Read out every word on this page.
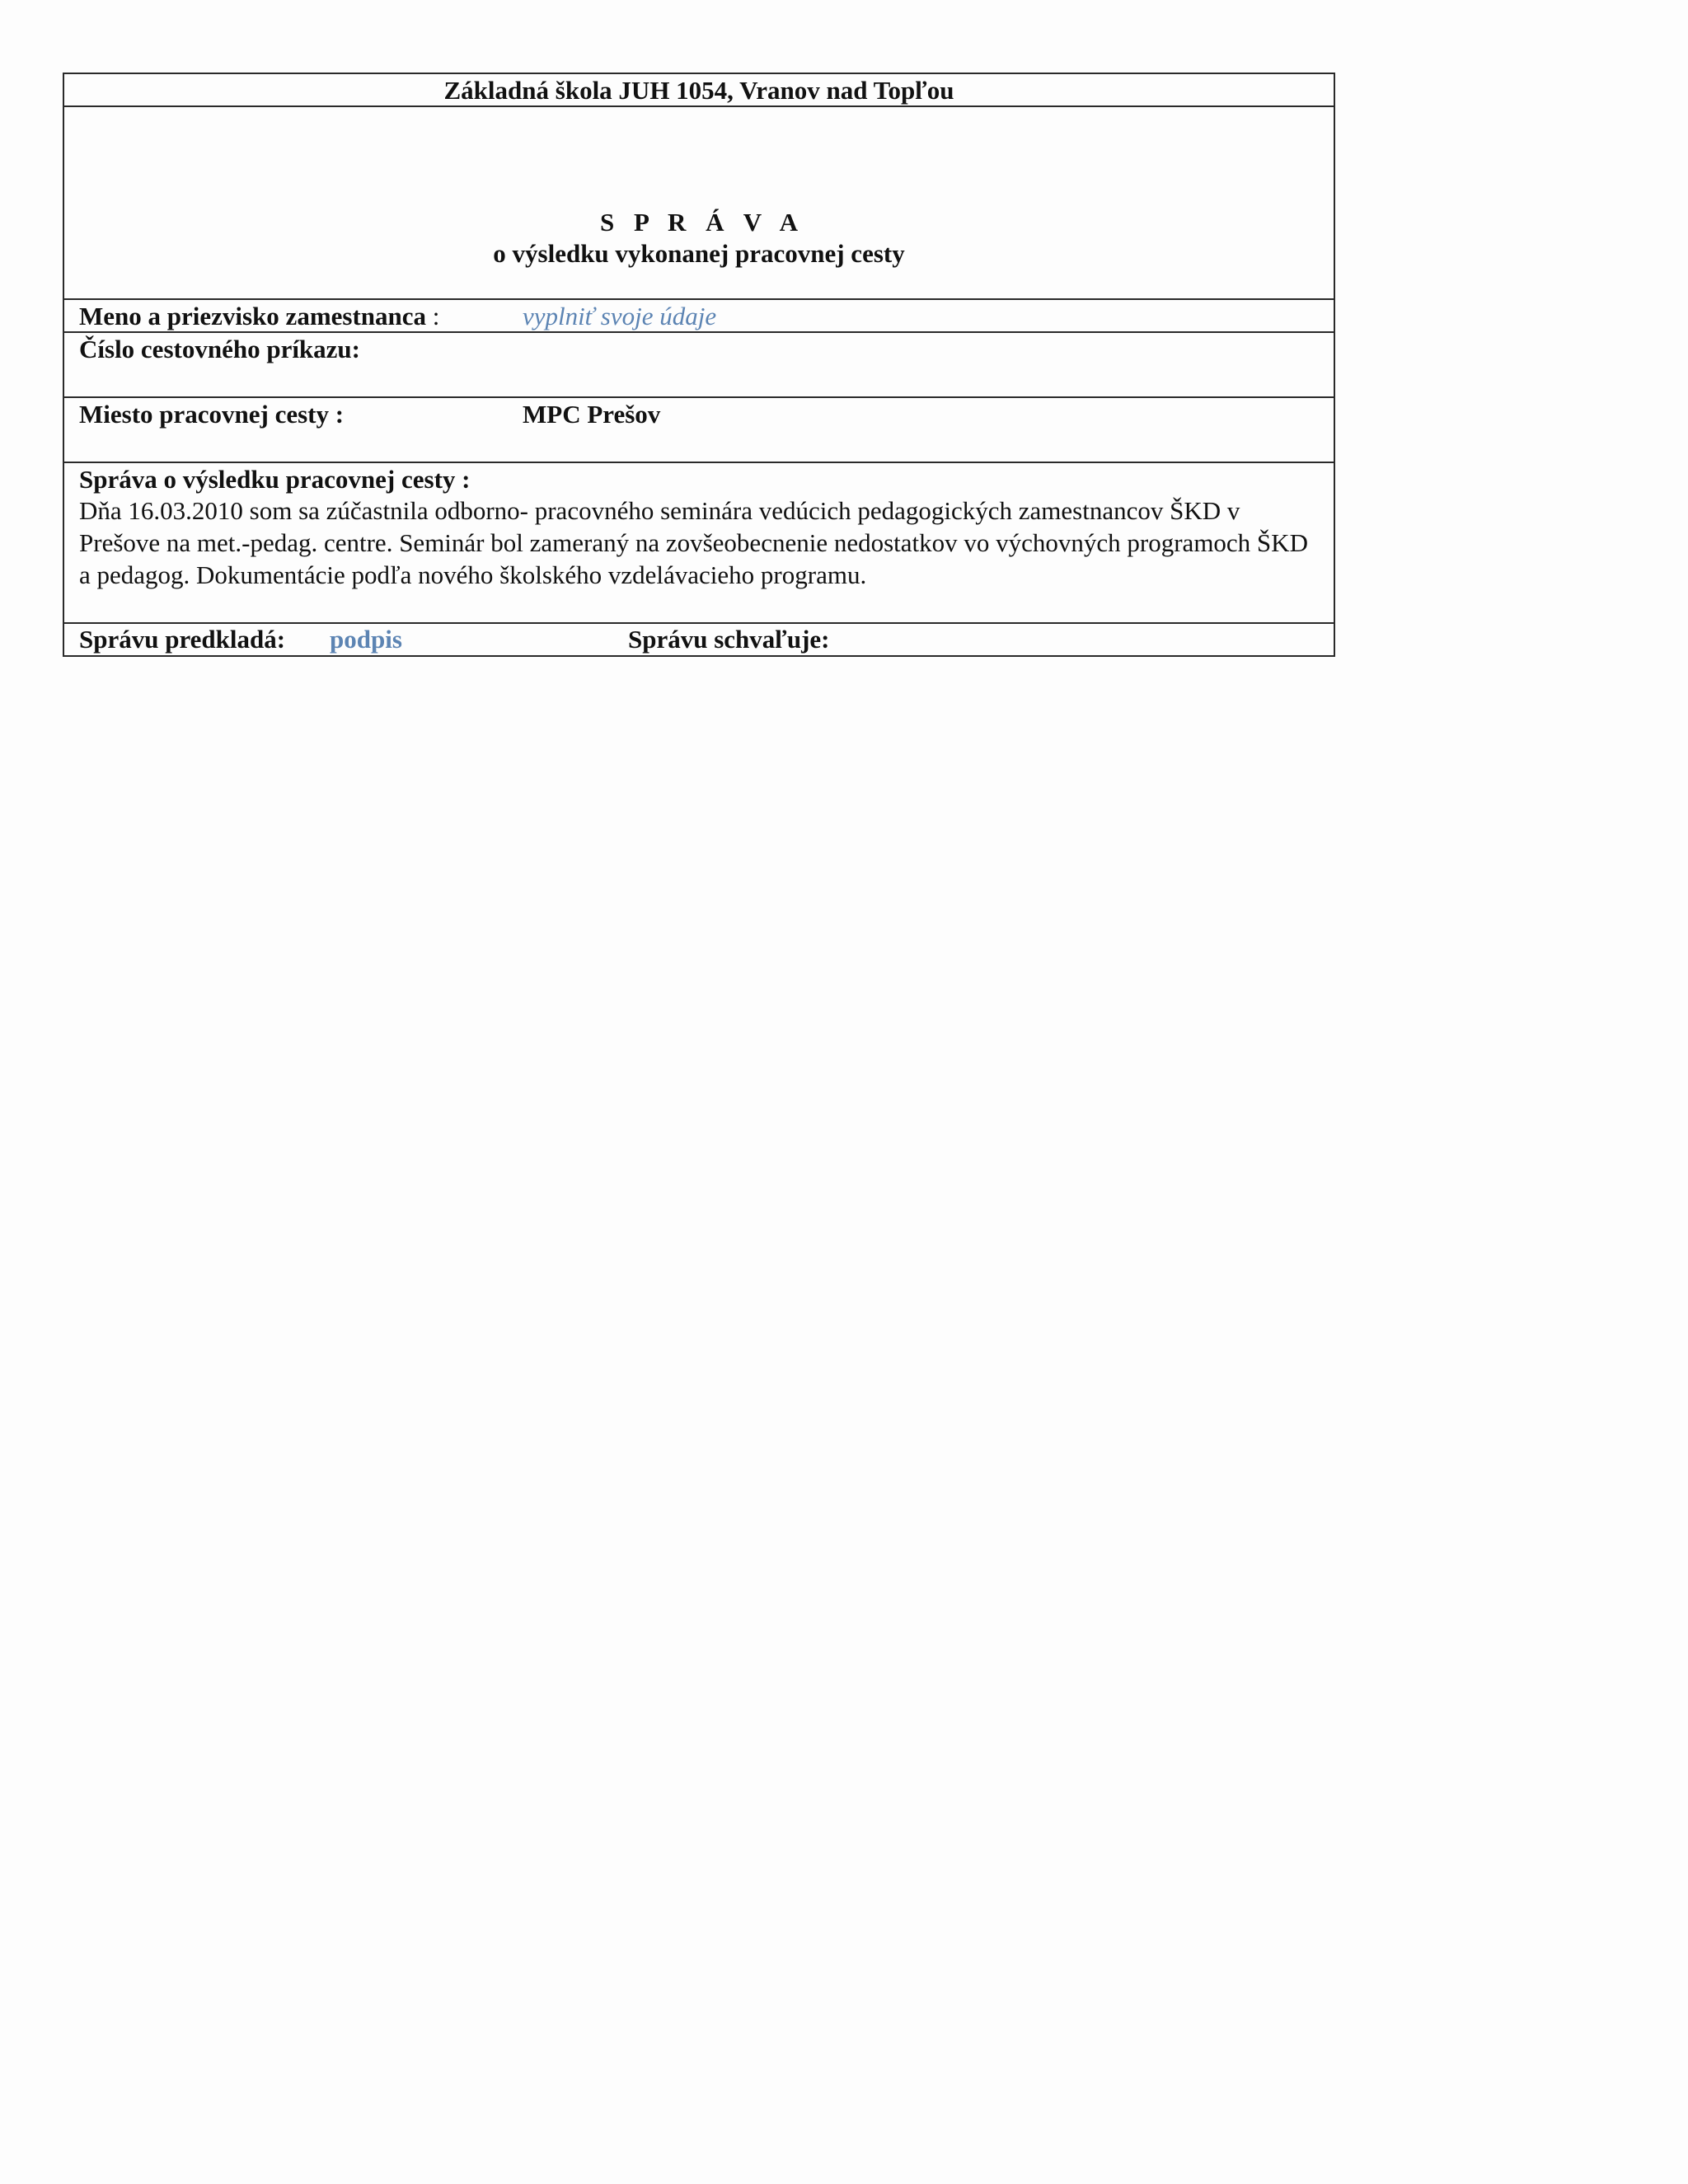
Základná škola JUH 1054, Vranov nad Topľou
S P R Á V A
o výsledku vykonanej pracovnej cesty
Meno a priezvisko zamestnanca :	vyplniť svoje údaje
Číslo cestovného príkazu:
Miesto pracovnej cesty :	MPC Prešov
Správa o výsledku pracovnej cesty :
Dňa 16.03.2010 som sa zúčastnila odborno- pracovného seminára vedúcich pedagogických zamestnancov ŠKD v Prešove na met.-pedag. centre. Seminár bol zameraný na zovšeobecnenie nedostatkov vo výchovných programoch ŠKD a pedagog. Dokumentácie podľa nového školského vzdelávacieho programu.
Správu predkladá: podpis	Správu schvaľuje:
